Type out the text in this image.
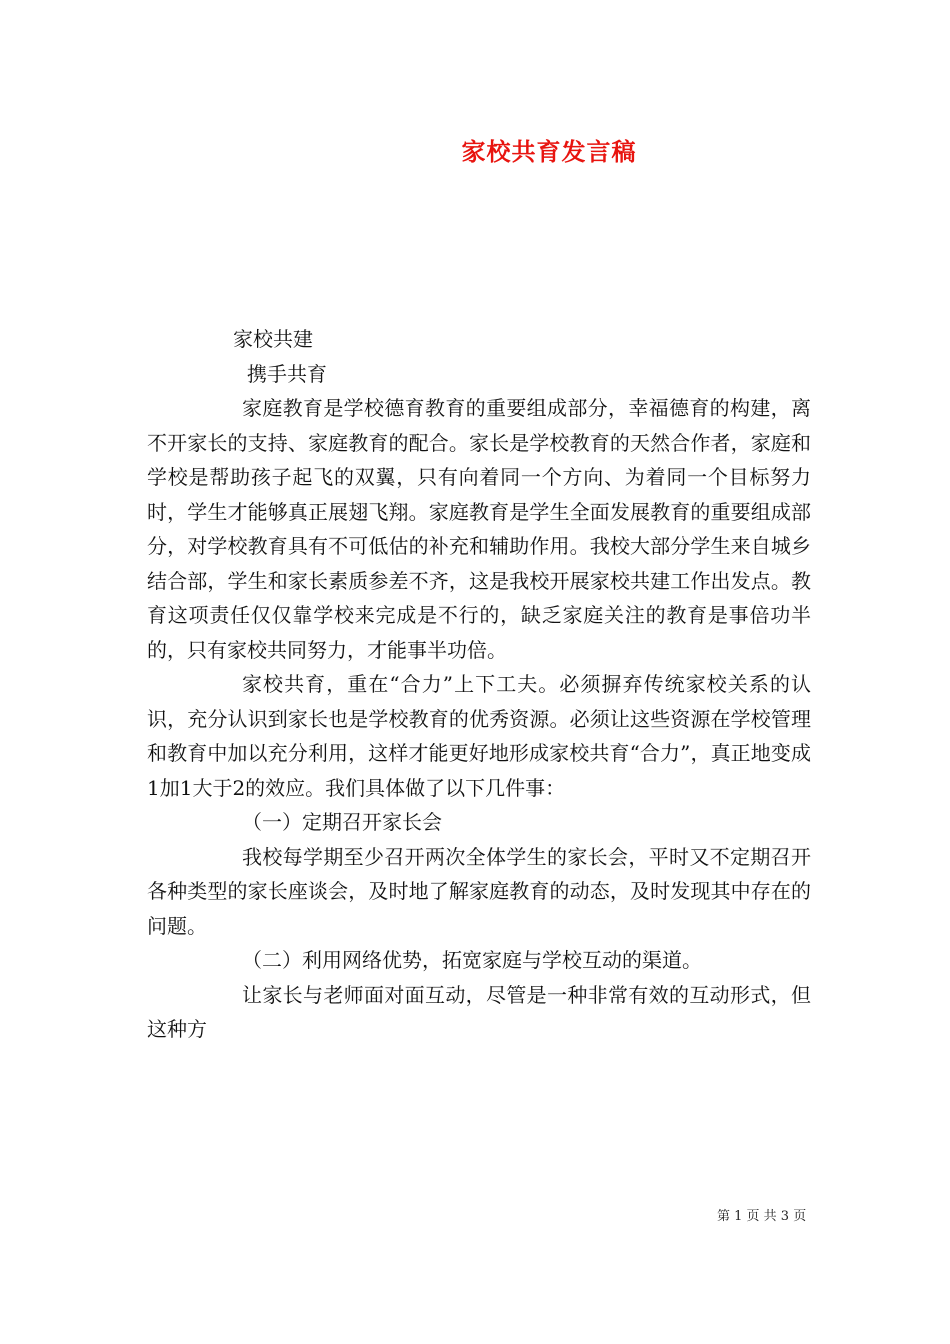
家校共育发言稿

家校共建

携手共育

家庭教育是学校德育教育的重要组成部分，幸福德育的构建，离不开家长的支持、家庭教育的配合。家长是学校教育的天然合作者，家庭和学校是帮助孩子起飞的双翼，只有向着同一个方向、为着同一个目标努力时，学生才能够真正展翅飞翔。家庭教育是学生全面发展教育的重要组成部分，对学校教育具有不可低估的补充和辅助作用。我校大部分学生来自城乡结合部，学生和家长素质参差不齐，这是我校开展家校共建工作出发点。教育这项责任仅仅靠学校来完成是不行的，缺乏家庭关注的教育是事倍功半的，只有家校共同努力，才能事半功倍。

家校共育，重在“合力”上下工夫。必须摒弃传统家校关系的认识，充分认识到家长也是学校教育的优秀资源。必须让这些资源在学校管理和教育中加以充分利用，这样才能更好地形成家校共育“合力”，真正地变成1加1大于2的效应。我们具体做了以下几件事：

（一）定期召开家长会

我校每学期至少召开两次全体学生的家长会，平时又不定期召开各种类型的家长座谈会，及时地了解家庭教育的动态，及时发现其中存在的问题。

（二）利用网络优势，拓宽家庭与学校互动的渠道。

让家长与老师面对面互动，尽管是一种非常有效的互动形式，但这种方

第 1 页 共 3 页
